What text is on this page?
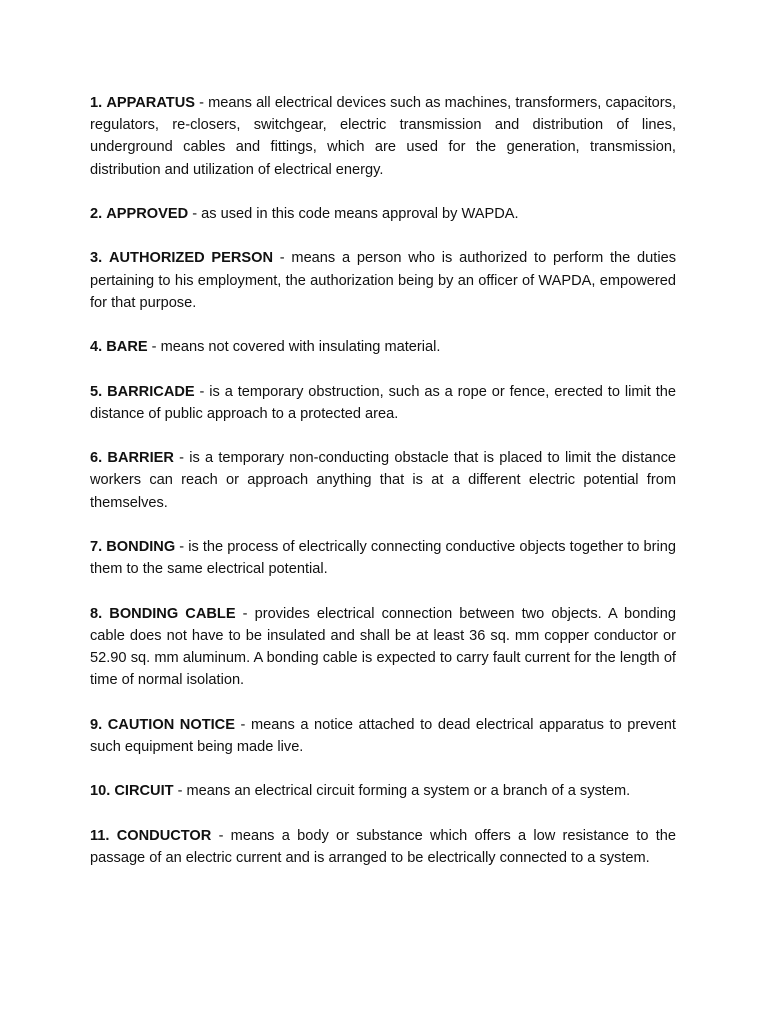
1. APPARATUS - means all electrical devices such as machines, transformers, capacitors, regulators, re-closers, switchgear, electric transmission and distribution of lines, underground cables and fittings, which are used for the generation, transmission, distribution and utilization of electrical energy.

2. APPROVED - as used in this code means approval by WAPDA.

3. AUTHORIZED PERSON - means a person who is authorized to perform the duties pertaining to his employment, the authorization being by an officer of WAPDA, empowered for that purpose.

4. BARE - means not covered with insulating material.

5. BARRICADE - is a temporary obstruction, such as a rope or fence, erected to limit the distance of public approach to a protected area.

6. BARRIER - is a temporary non-conducting obstacle that is placed to limit the distance workers can reach or approach anything that is at a different electric potential from themselves.

7. BONDING - is the process of electrically connecting conductive objects together to bring them to the same electrical potential.

8. BONDING CABLE - provides electrical connection between two objects. A bonding cable does not have to be insulated and shall be at least 36 sq. mm copper conductor or 52.90 sq. mm aluminum. A bonding cable is expected to carry fault current for the length of time of normal isolation.

9. CAUTION NOTICE - means a notice attached to dead electrical apparatus to prevent such equipment being made live.

10. CIRCUIT - means an electrical circuit forming a system or a branch of a system.

11. CONDUCTOR - means a body or substance which offers a low resistance to the passage of an electric current and is arranged to be electrically connected to a system.
